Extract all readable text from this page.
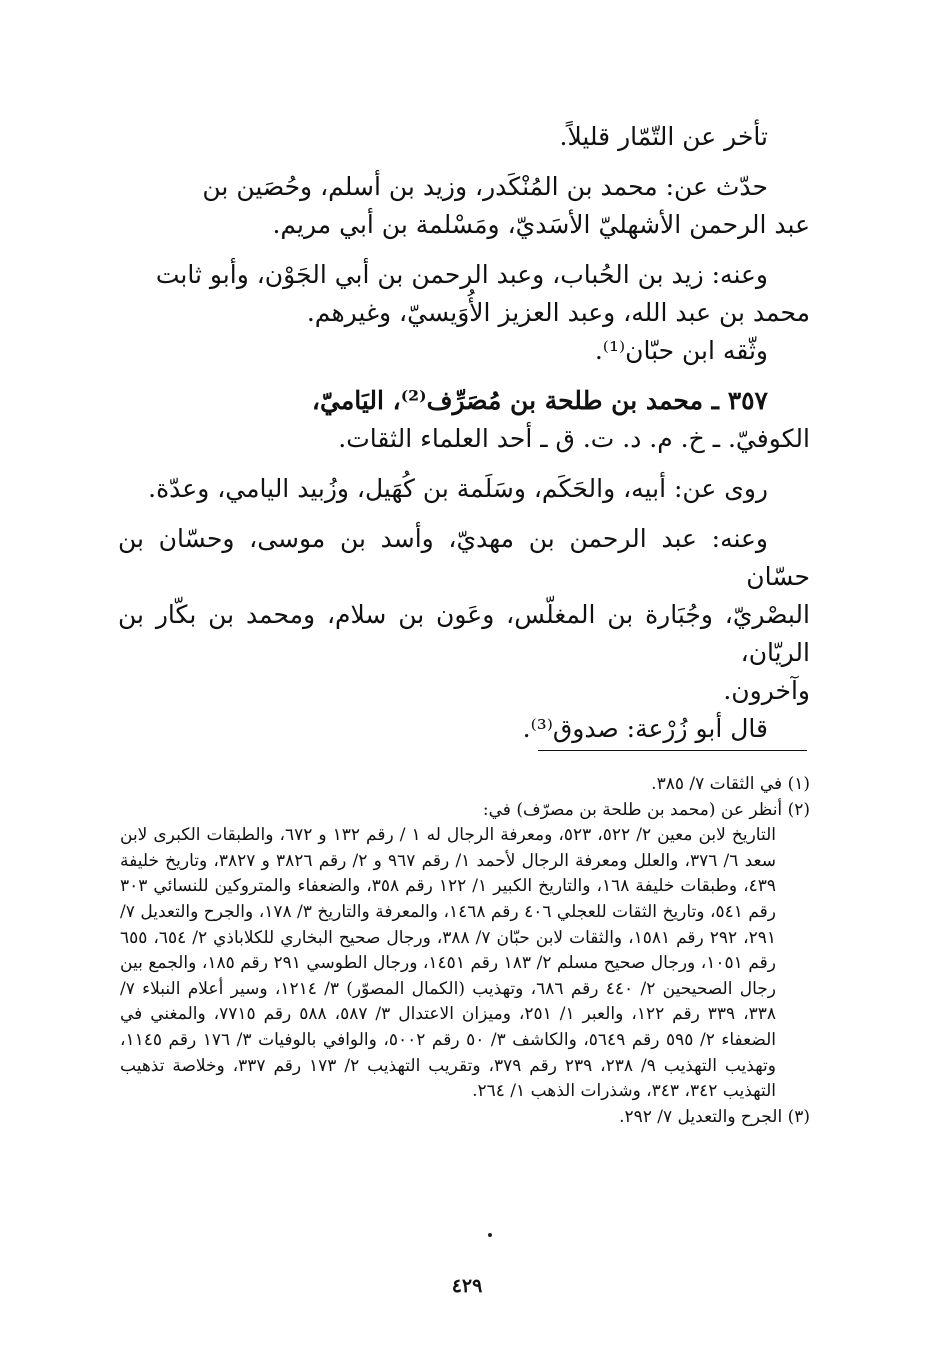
تأخر عن التّمّار قليلاً.

حدّث عن: محمد بن المُنْكَدر، وزيد بن أسلم، وحُصَين بن

عبد الرحمن الأشهليّ الأسَديّ، ومَسْلمة بن أبي مريم.

وعنه: زيد بن الحُباب، وعبد الرحمن بن أبي الجَوْن، وأبو ثابت

محمد بن عبد الله، وعبد العزيز الأُوَيسيّ، وغيرهم.

وثّقه ابن حبّان⁽¹⁾.

٣٥٧ ـ محمد بن طلحة بن مُصَرِّف⁽²⁾، اليَاميّ،

الكوفيّ. ـ خ. م. د. ت. ق ـ أحد العلماء الثقات.

روى عن: أبيه، والحَكَم، وسَلَمة بن كُهَيل، وزُبيد اليامي، وعدّة.

وعنه: عبد الرحمن بن مهديّ، وأسد بن موسى، وحسّان بن حسّان

البصْريّ، وجُبَارة بن المغلّس، وعَون بن سلام، ومحمد بن بكّار بن الريّان،

وآخرون.

قال أبو زُرْعة: صدوق⁽³⁾.

(١) في الثقات ٧/ ٣٨٥.

(٢) أنظر عن (محمد بن طلحة بن مصرّف) في:

التاريخ لابن معين ٢/ ٥٢٢، ٥٢٣، ومعرفة الرجال له ١ / رقم ١٣٢ و ٦٧٢، والطبقات الكبرى لابن سعد ٦/ ٣٧٦، والعلل ومعرفة الرجال لأحمد ١/ رقم ٩٦٧ و ٢/ رقم ٣٨٢٦ و ٣٨٢٧، وتاريخ خليفة ٤٣٩، وطبقات خليفة ١٦٨، والتاريخ الكبير ١/ ١٢٢ رقم ٣٥٨، والضعفاء والمتروكين للنسائي ٣٠٣ رقم ٥٤١، وتاريخ الثقات للعجلي ٤٠٦ رقم ١٤٦٨، والمعرفة والتاريخ ٣/ ١٧٨، والجرح والتعديل ٧/ ٢٩١، ٢٩٢ رقم ١٥٨١، والثقات لابن حبّان ٧/ ٣٨٨، ورجال صحيح البخاري للكلاباذي ٢/ ٦٥٤، ٦٥٥ رقم ١٠٥١، ورجال صحيح مسلم ٢/ ١٨٣ رقم ١٤٥١، ورجال الطوسي ٢٩١ رقم ١٨٥، والجمع بين رجال الصحيحين ٢/ ٤٤٠ رقم ٦٨٦، وتهذيب (الكمال المصوّر) ٣/ ١٢١٤، وسير أعلام النبلاء ٧/ ٣٣٨، ٣٣٩ رقم ١٢٢، والعبر ١/ ٢٥١، وميزان الاعتدال ٣/ ٥٨٧، ٥٨٨ رقم ٧٧١٥، والمغني في الضعفاء ٢/ ٥٩٥ رقم ٥٦٤٩، والكاشف ٣/ ٥٠ رقم ٥٠٠٢، والوافي بالوفيات ٣/ ١٧٦ رقم ١١٤٥، وتهذيب التهذيب ٩/ ٢٣٨، ٢٣٩ رقم ٣٧٩، وتقريب التهذيب ٢/ ١٧٣ رقم ٣٣٧، وخلاصة تذهيب التهذيب ٣٤٢، ٣٤٣، وشذرات الذهب ١/ ٢٦٤.

(٣) الجرح والتعديل ٧/ ٢٩٢.

٤٢٩
